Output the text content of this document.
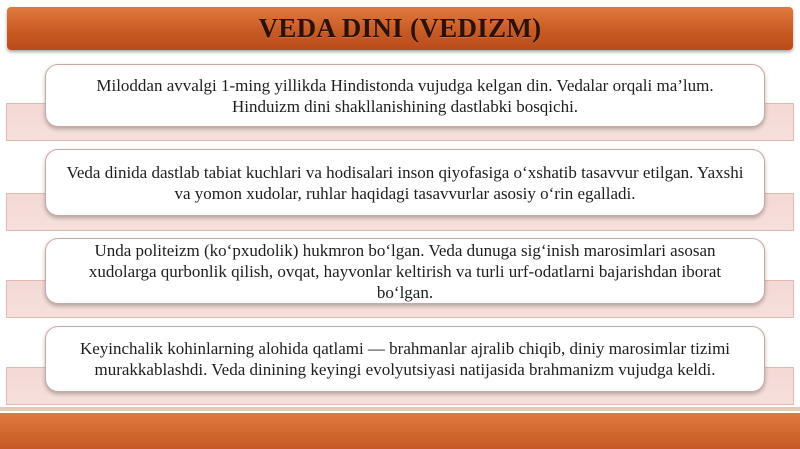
VEDA DINI (VEDIZM)
Miloddan avvalgi 1-ming yillikda Hindistonda vujudga kelgan din. Vedalar orqali ma’lum. Hinduizm dini shakllanishining dastlabki bosqichi.
Veda dinida dastlab tabiat kuchlari va hodisalari inson qiyofasiga oʻxshatib tasavvur etilgan. Yaxshi va yomon xudolar, ruhlar haqidagi tasavvurlar asosiy oʻrin egalladi.
Unda politeizm (koʻpxudolik) hukmron boʻlgan. Veda dunuga sigʻinish marosimlari asosan xudolarga qurbonlik qilish, ovqat, hayvonlar keltirish va turli urf-odatlarni bajarishdan iborat boʻlgan.
Keyinchalik kohinlarning alohida qatlami — brahmanlar ajralib chiqib, diniy marosimlar tizimi murakkablashdi. Veda dinining keyingi evolyutsiyasi natijasida brahmanizm vujudga keldi.
